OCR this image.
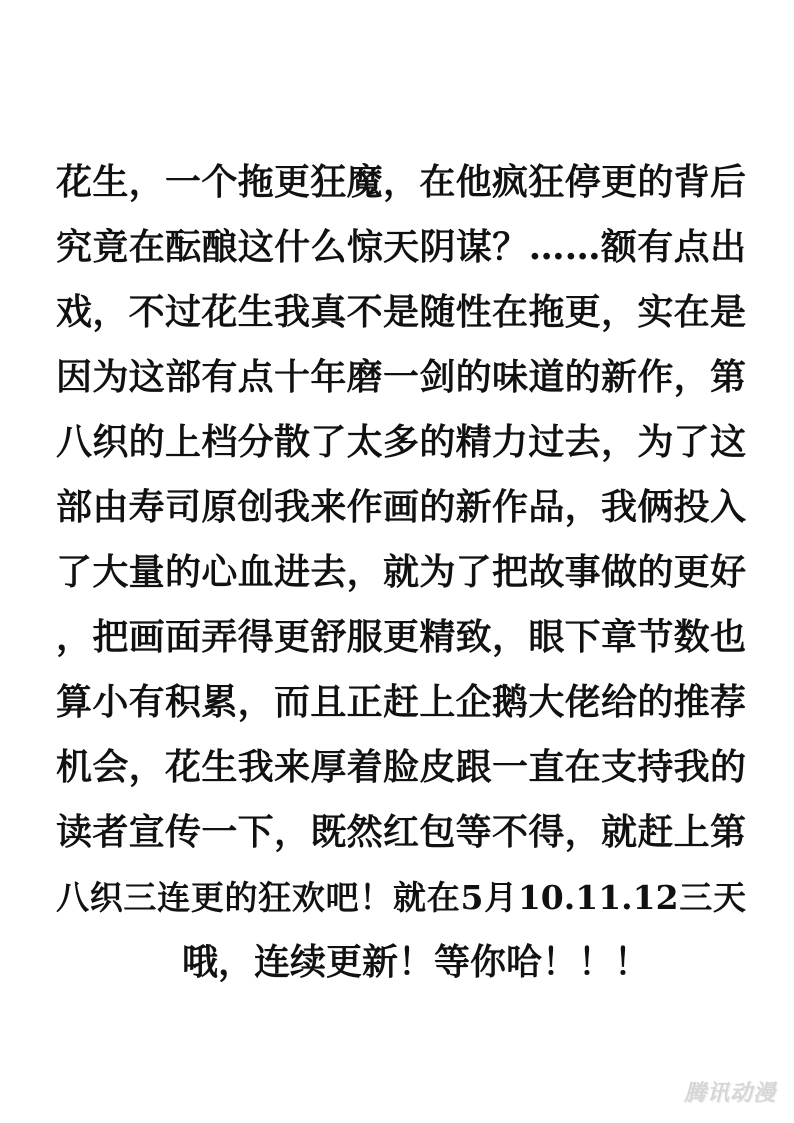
花生，一个拖更狂魔，在他疯狂停更的背后
究竟在酝酿这什么惊天阴谋？……额有点出
戏，不过花生我真不是随性在拖更，实在是
因为这部有点十年磨一剑的味道的新作，第
八织的上档分散了太多的精力过去，为了这
部由寿司原创我来作画的新作品，我俩投入
了大量的心血进去，就为了把故事做的更好
，把画面弄得更舒服更精致，眼下章节数也
算小有积累，而且正赶上企鹅大佬给的推荐
机会，花生我来厚着脸皮跟一直在支持我的
读者宣传一下，既然红包等不得，就赶上第
八织三连更的狂欢吧！就在5月10.11.12三天
哦，连续更新！等你哈！！！
腾讯动漫
